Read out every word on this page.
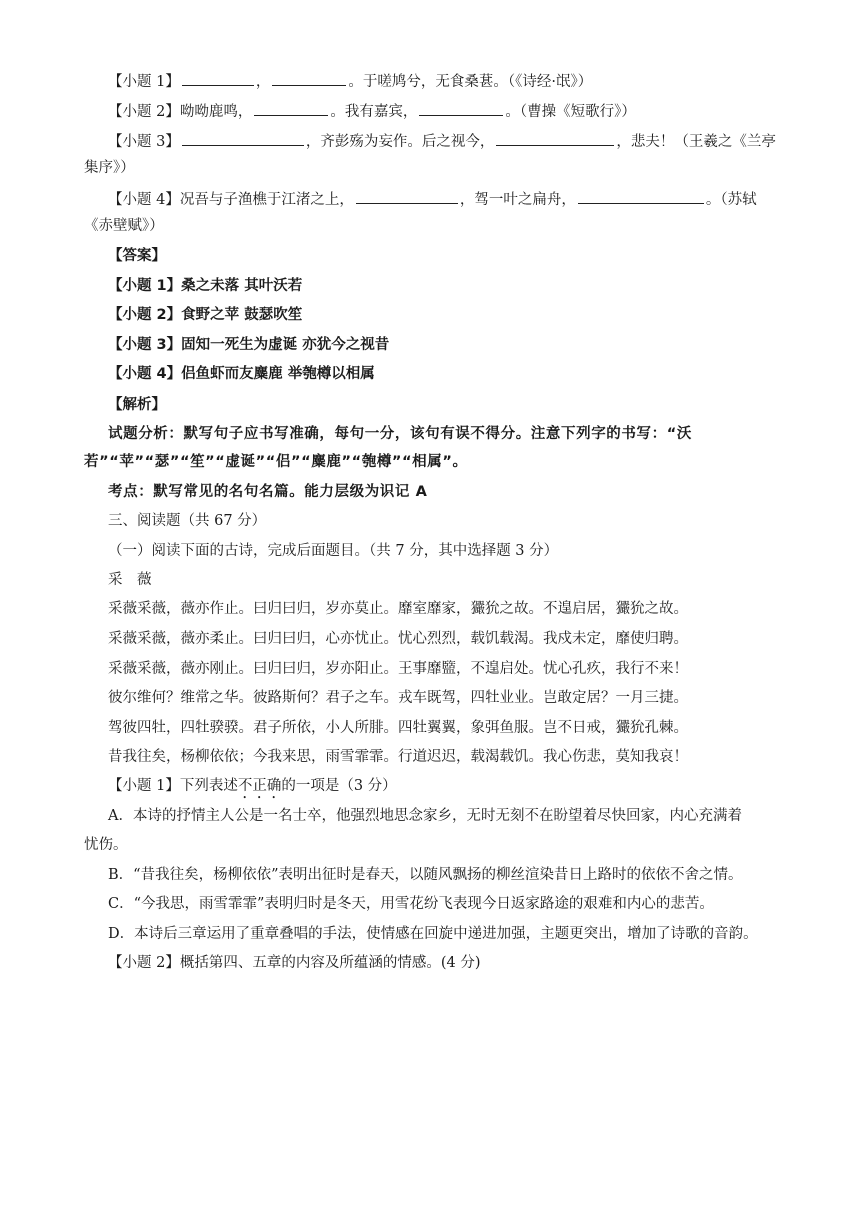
【小题 1】	，	。于嗟鸠兮，无食桑葚。（《诗经·氓》）
【小题 2】呦呦鹿鸣，	。我有嘉宾，	。（曹操《短歌行》）
【小题 3】	，齐彭殇为妄作。后之视今，	，悲夫！（王羲之《兰亭
集序》）
【小题 4】况吾与子渔樵于江渚之上，	，驾一叶之扁舟，	。（苏轼
《赤壁赋》）
【答案】
【小题 1】桑之未落 其叶沃若
【小题 2】食野之苹 鼓瑟吹笙
【小题 3】固知一死生为虚诞 亦犹今之视昔
【小题 4】侣鱼虾而友麋鹿 举匏樽以相属
【解析】
试题分析：默写句子应书写准确，每句一分，该句有误不得分。注意下列字的书写：“沃
若”“苹”“瑟”“笙”“虚诞”“侣”“麋鹿”“匏樽”“相属”。
考点：默写常见的名句名篇。能力层级为识记 A
三、阅读题（共 67 分）
（一）阅读下面的古诗，完成后面题目。（共 7 分，其中选择题 3 分）
采　薇
采薇采薇，薇亦作止。曰归曰归，岁亦莫止。靡室靡家，玁狁之故。不遑启居，玁狁之故。
采薇采薇，薇亦柔止。曰归曰归，心亦忧止。忧心烈烈，载饥载渴。我戍未定，靡使归聘。
采薇采薇，薇亦刚止。曰归曰归，岁亦阳止。王事靡盬，不遑启处。忧心孔疚，我行不来！
彼尔维何？维常之华。彼路斯何？君子之车。戎车既驾，四牡业业。岂敢定居？一月三捷。
驾彼四牡，四牡骙骙。君子所依，小人所腓。四牡翼翼，象弭鱼服。岂不日戒，玁狁孔棘。
昔我往矣，杨柳依依；今我来思，雨雪霏霏。行道迟迟，载渴载饥。我心伤悲，莫知我哀！
【小题 1】下列表述不正确的一项是（3 分）
A．本诗的抒情主人公是一名士卒，他强烈地思念家乡，无时无刻不在盼望着尽快回家，内心充满着
忧伤。
B．“昔我往矣，杨柳依依”表明出征时是春天，以随风飘扬的柳丝渲染昔日上路时的依依不舍之情。
C．“今我思，雨雪霏霏”表明归时是冬天，用雪花纷飞表现今日返家路途的艰难和内心的悲苦。
D．本诗后三章运用了重章叠唱的手法，使情感在回旋中递进加强，主题更突出，增加了诗歌的音韵。
【小题 2】概括第四、五章的内容及所蕴涵的情感。(4 分)
